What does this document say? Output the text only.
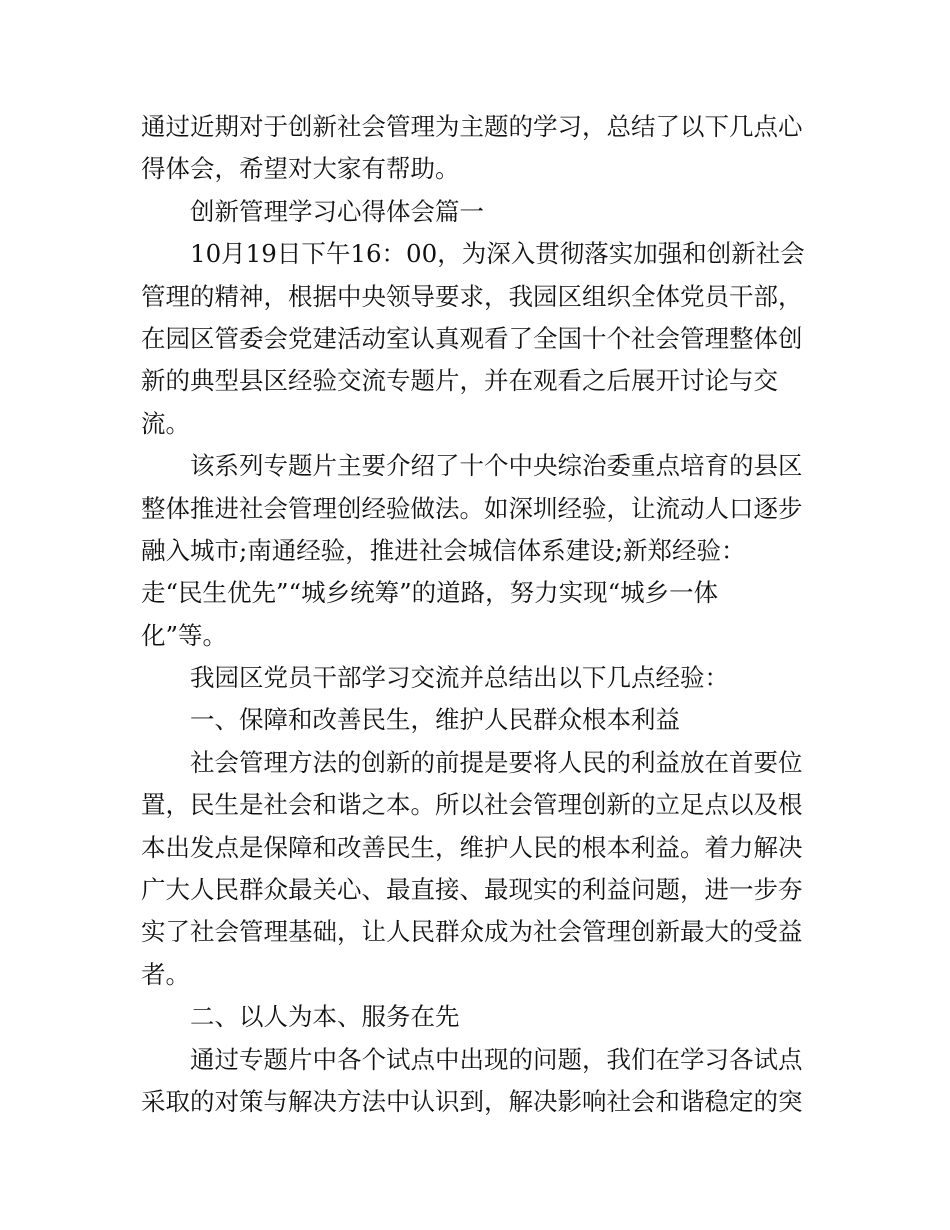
通过近期对于创新社会管理为主题的学习，总结了以下几点心
得体会，希望对大家有帮助。
创新管理学习心得体会篇一
10月19日下午16：00，为深入贯彻落实加强和创新社会
管理的精神，根据中央领导要求，我园区组织全体党员干部，
在园区管委会党建活动室认真观看了全国十个社会管理整体创
新的典型县区经验交流专题片，并在观看之后展开讨论与交
流。
该系列专题片主要介绍了十个中央综治委重点培育的县区
整体推进社会管理创经验做法。如深圳经验，让流动人口逐步
融入城市;南通经验，推进社会城信体系建设;新郑经验：
走“民生优先”“城乡统筹”的道路，努力实现“城乡一体
化”等。
我园区党员干部学习交流并总结出以下几点经验：
一、保障和改善民生，维护人民群众根本利益
社会管理方法的创新的前提是要将人民的利益放在首要位
置，民生是社会和谐之本。所以社会管理创新的立足点以及根
本出发点是保障和改善民生，维护人民的根本利益。着力解决
广大人民群众最关心、最直接、最现实的利益问题，进一步夯
实了社会管理基础，让人民群众成为社会管理创新最大的受益
者。
二、以人为本、服务在先
通过专题片中各个试点中出现的问题，我们在学习各试点
采取的对策与解决方法中认识到，解决影响社会和谐稳定的突
